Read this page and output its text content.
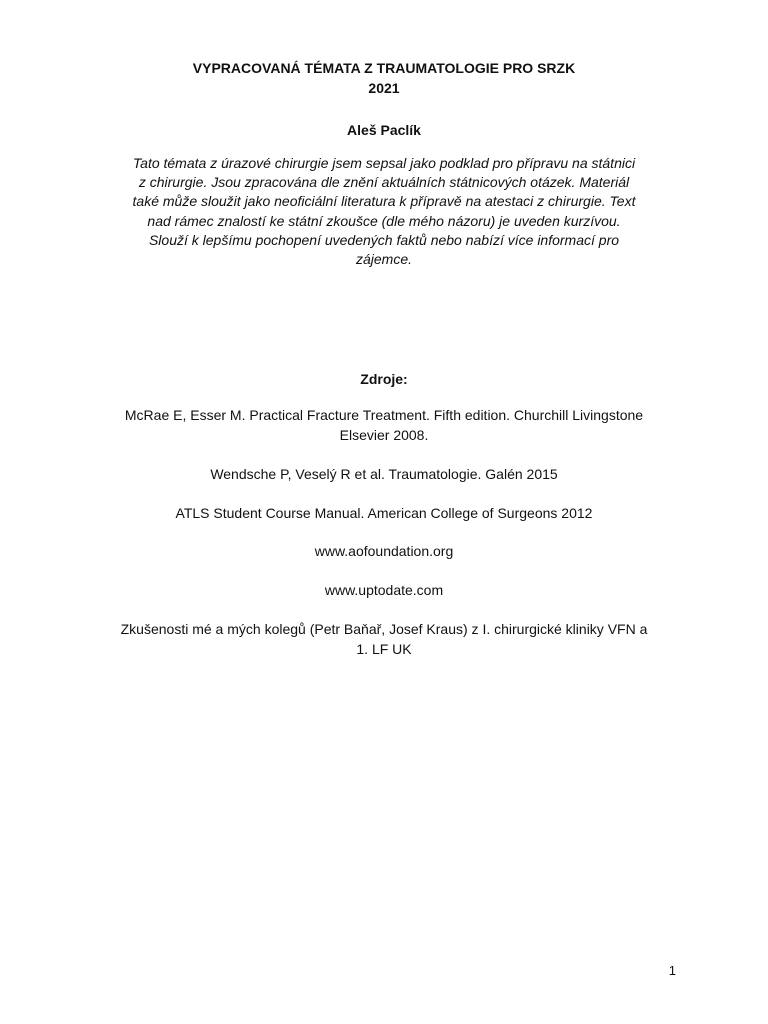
VYPRACOVANÁ TÉMATA Z TRAUMATOLOGIE PRO SRZK
2021
Aleš Paclík
Tato témata z úrazové chirurgie jsem sepsal jako podklad pro přípravu na státnici z chirurgie. Jsou zpracována dle znění aktuálních státnicových otázek. Materiál také může sloužit jako neoficiální literatura k přípravě na atestaci z chirurgie. Text nad rámec znalostí ke státní zkoušce (dle mého názoru) je uveden kurzívou. Slouží k lepšímu pochopení uvedených faktů nebo nabízí více informací pro zájemce.
Zdroje:
McRae E, Esser M. Practical Fracture Treatment. Fifth edition. Churchill Livingstone Elsevier 2008.
Wendsche P, Veselý R et al. Traumatologie. Galén 2015
ATLS Student Course Manual. American College of Surgeons 2012
www.aofoundation.org
www.uptodate.com
Zkušenosti mé a mých kolegů (Petr Baňař, Josef Kraus) z I. chirurgické kliniky VFN a 1. LF UK
1
